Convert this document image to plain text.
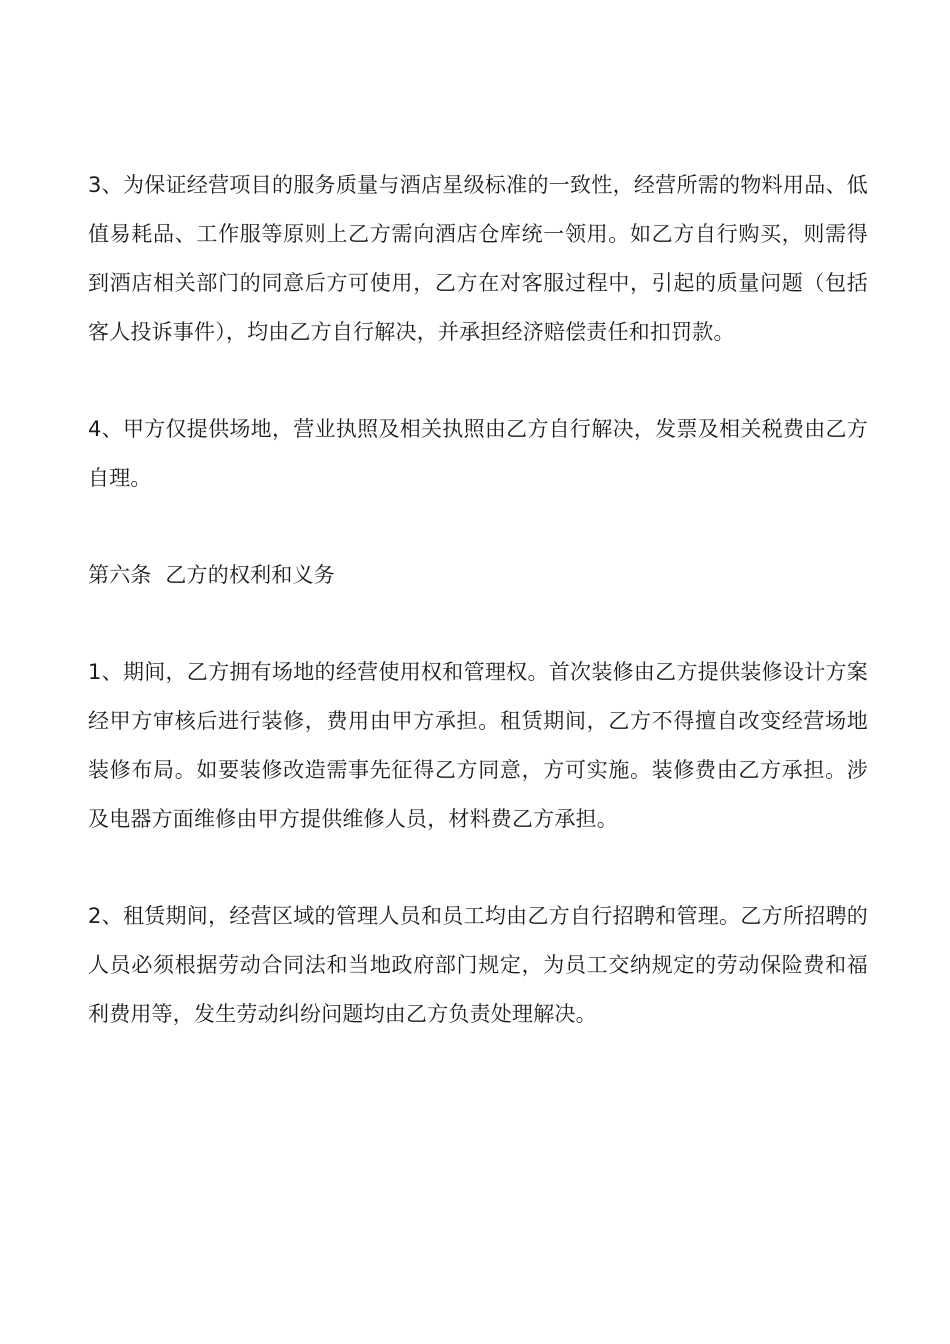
3、为保证经营项目的服务质量与酒店星级标准的一致性，经营所需的物料用品、低值易耗品、工作服等原则上乙方需向酒店仓库统一领用。如乙方自行购买，则需得到酒店相关部门的同意后方可使用，乙方在对客服过程中，引起的质量问题（包括客人投诉事件），均由乙方自行解决，并承担经济赔偿责任和扣罚款。

4、甲方仅提供场地，营业执照及相关执照由乙方自行解决，发票及相关税费由乙方自理。

第六条  乙方的权利和义务

1、期间，乙方拥有场地的经营使用权和管理权。首次装修由乙方提供装修设计方案经甲方审核后进行装修，费用由甲方承担。租赁期间，乙方不得擅自改变经营场地装修布局。如要装修改造需事先征得乙方同意，方可实施。装修费由乙方承担。涉及电器方面维修由甲方提供维修人员，材料费乙方承担。

2、租赁期间，经营区域的管理人员和员工均由乙方自行招聘和管理。乙方所招聘的人员必须根据劳动合同法和当地政府部门规定，为员工交纳规定的劳动保险费和福利费用等，发生劳动纠纷问题均由乙方负责处理解决。
